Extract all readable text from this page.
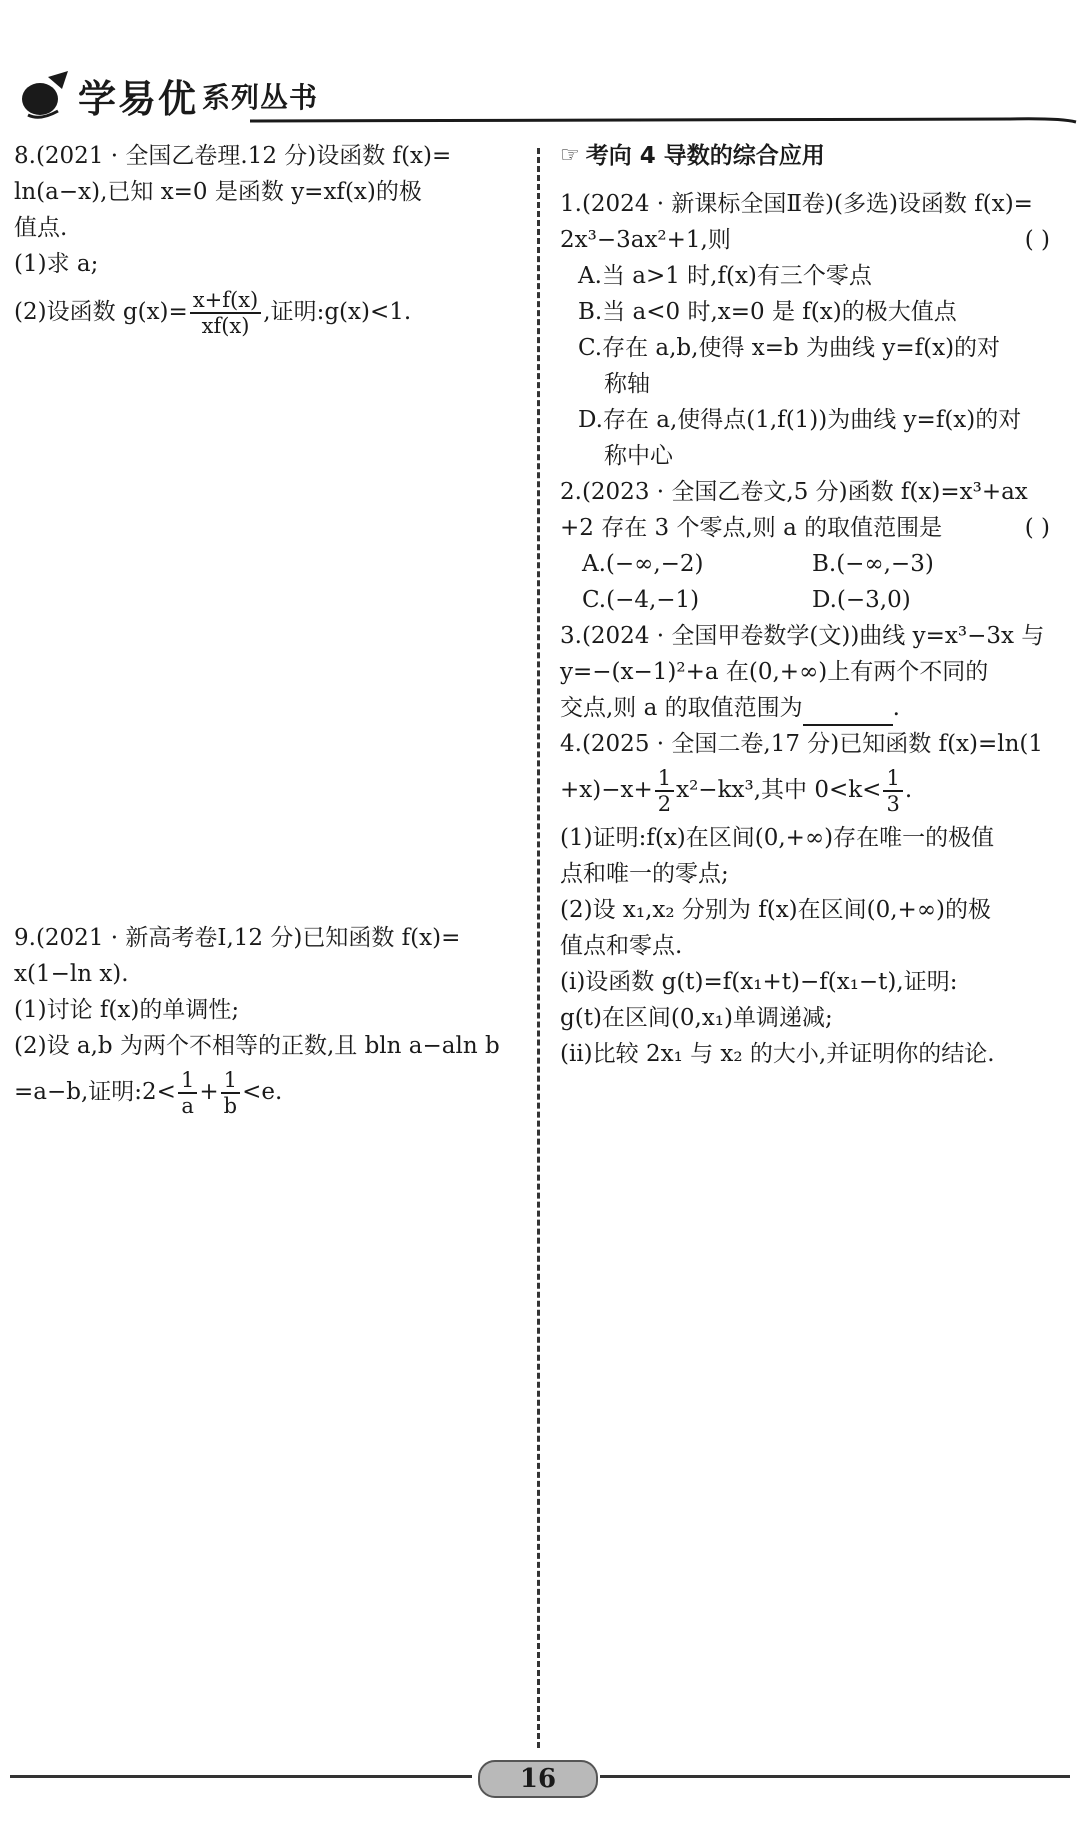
学易优 系列丛书

8.(2021 · 全国乙卷理.12 分)设函数 f(x)=

ln(a−x),已知 x=0 是函数 y=xf(x)的极

值点.

(1)求 a;

(2)设函数 $g(x)= \frac{x+f(x)}{xf(x)}$ ,证明:g(x)<1.

9.(2021 · 新高考卷Ⅰ,12 分)已知函数 f(x)=

x(1−ln x).

(1)讨论 f(x)的单调性;

(2)设 a,b 为两个不相等的正数,且 bln a−aln b

=a−b,证明:2< $\frac{1}{a} + \frac{1}{b} <e$.

☞ 考向 4 导数的综合应用

1.(2024 · 新课标全国Ⅱ卷)(多选)设函数 f(x)=

2x³−3ax²+1,则	( )

A.当 a>1 时,f(x)有三个零点

B.当 a<0 时,x=0 是 f(x)的极大值点

C.存在 a,b,使得 x=b 为曲线 y=f(x)的对

称轴

D.存在 a,使得点(1,f(1))为曲线 y=f(x)的对

称中心

2.(2023 · 全国乙卷文,5 分)函数 f(x)=x³+ax

+2 存在 3 个零点,则 a 的取值范围是	( )

A.(−∞,−2)	B.(−∞,−3)
C.(−4,−1)	D.(−3,0)

3.(2024 · 全国甲卷数学(文))曲线 y=x³−3x 与

y=−(x−1)²+a 在(0,+∞)上有两个不同的

交点,则 a 的取值范围为	.

4.(2025 · 全国二卷,17 分)已知函数 f(x)=ln(1

$+x)-x+ \frac{1}{2} x^2-kx^3$,其中 $0<k< \frac{1}{3}$ .

(1)证明:f(x)在区间(0,+∞)存在唯一的极值

点和唯一的零点;

(2)设 x₁,x₂ 分别为 f(x)在区间(0,+∞)的极

值点和零点.

(ⅰ)设函数 g(t)=f(x₁+t)−f(x₁−t),证明:

g(t)在区间(0,x₁)单调递减;

(ⅱ)比较 2x₁ 与 x₂ 的大小,并证明你的结论.

16
